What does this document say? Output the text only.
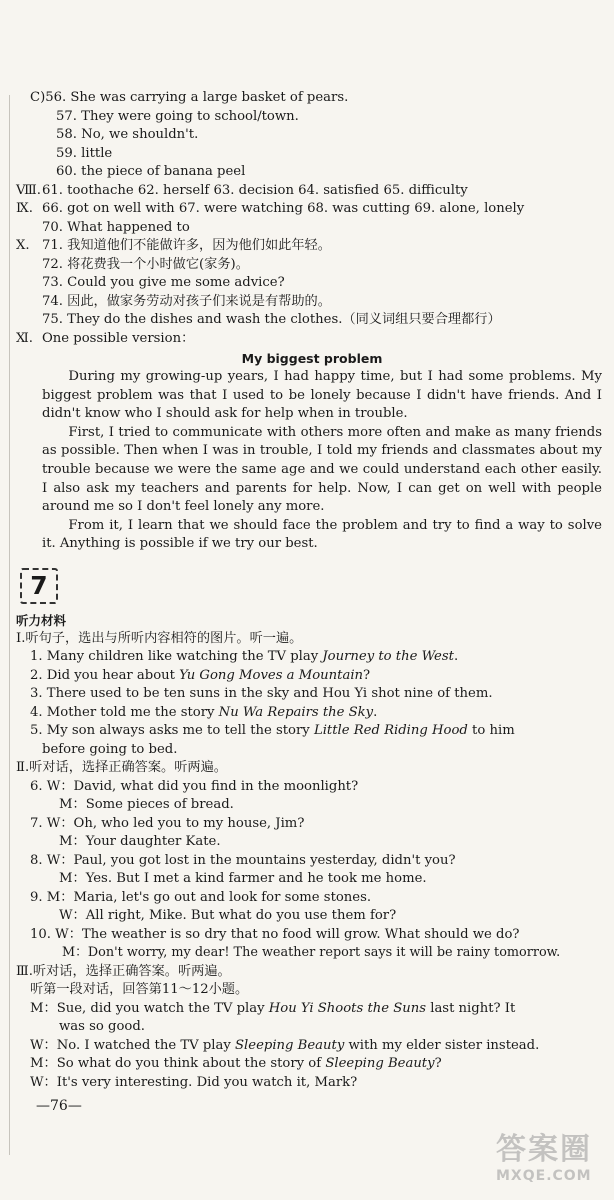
C)56. She was carrying a large basket of pears.
57. They were going to school/town.
58. No, we shouldn't.
59. little
60. the piece of banana peel
Ⅷ.61. toothache 62. herself 63. decision 64. satisfied 65. difficulty
Ⅸ. 66. got on well with 67. were watching 68. was cutting 69. alone, lonely
70. What happened to
Ⅹ. 71. 我知道他们不能做许多，因为他们如此年轻。
72. 将花费我一个小时做它(家务)。
73. Could you give me some advice?
74. 因此，做家务劳动对孩子们来说是有帮助的。
75. They do the dishes and wash the clothes.（同义词组只要合理都行）
Ⅺ. One possible version：
My biggest problem
During my growing-up years, I had happy time, but I had some problems. My biggest problem was that I used to be lonely because I didn't have friends. And I didn't know who I should ask for help when in trouble.
First, I tried to communicate with others more often and make as many friends as possible. Then when I was in trouble, I told my friends and classmates about my trouble because we were the same age and we could understand each other easily. I also ask my teachers and parents for help. Now, I can get on well with people around me so I don't feel lonely any more.
From it, I learn that we should face the problem and try to find a way to solve it. Anything is possible if we try our best.
7
听力材料
Ⅰ.听句子，选出与所听内容相符的图片。听一遍。
1. Many children like watching the TV play Journey to the West.
2. Did you hear about Yu Gong Moves a Mountain?
3. There used to be ten suns in the sky and Hou Yi shot nine of them.
4. Mother told me the story Nu Wa Repairs the Sky.
5. My son always asks me to tell the story Little Red Riding Hood to him
before going to bed.
Ⅱ.听对话，选择正确答案。听两遍。
6. W：David, what did you find in the moonlight?
M：Some pieces of bread.
7. W：Oh, who led you to my house, Jim?
M：Your daughter Kate.
8. W：Paul, you got lost in the mountains yesterday, didn't you?
M：Yes. But I met a kind farmer and he took me home.
9. M：Maria, let's go out and look for some stones.
W：All right, Mike. But what do you use them for?
10. W：The weather is so dry that no food will grow. What should we do?
M：Don't worry, my dear! The weather report says it will be rainy tomorrow.
Ⅲ.听对话，选择正确答案。听两遍。
听第一段对话，回答第11～12小题。
M：Sue, did you watch the TV play Hou Yi Shoots the Suns last night? It
was so good.
W：No. I watched the TV play Sleeping Beauty with my elder sister instead.
M：So what do you think about the story of Sleeping Beauty?
W：It's very interesting. Did you watch it, Mark?
—76—
答案圈
MXQE.COM
